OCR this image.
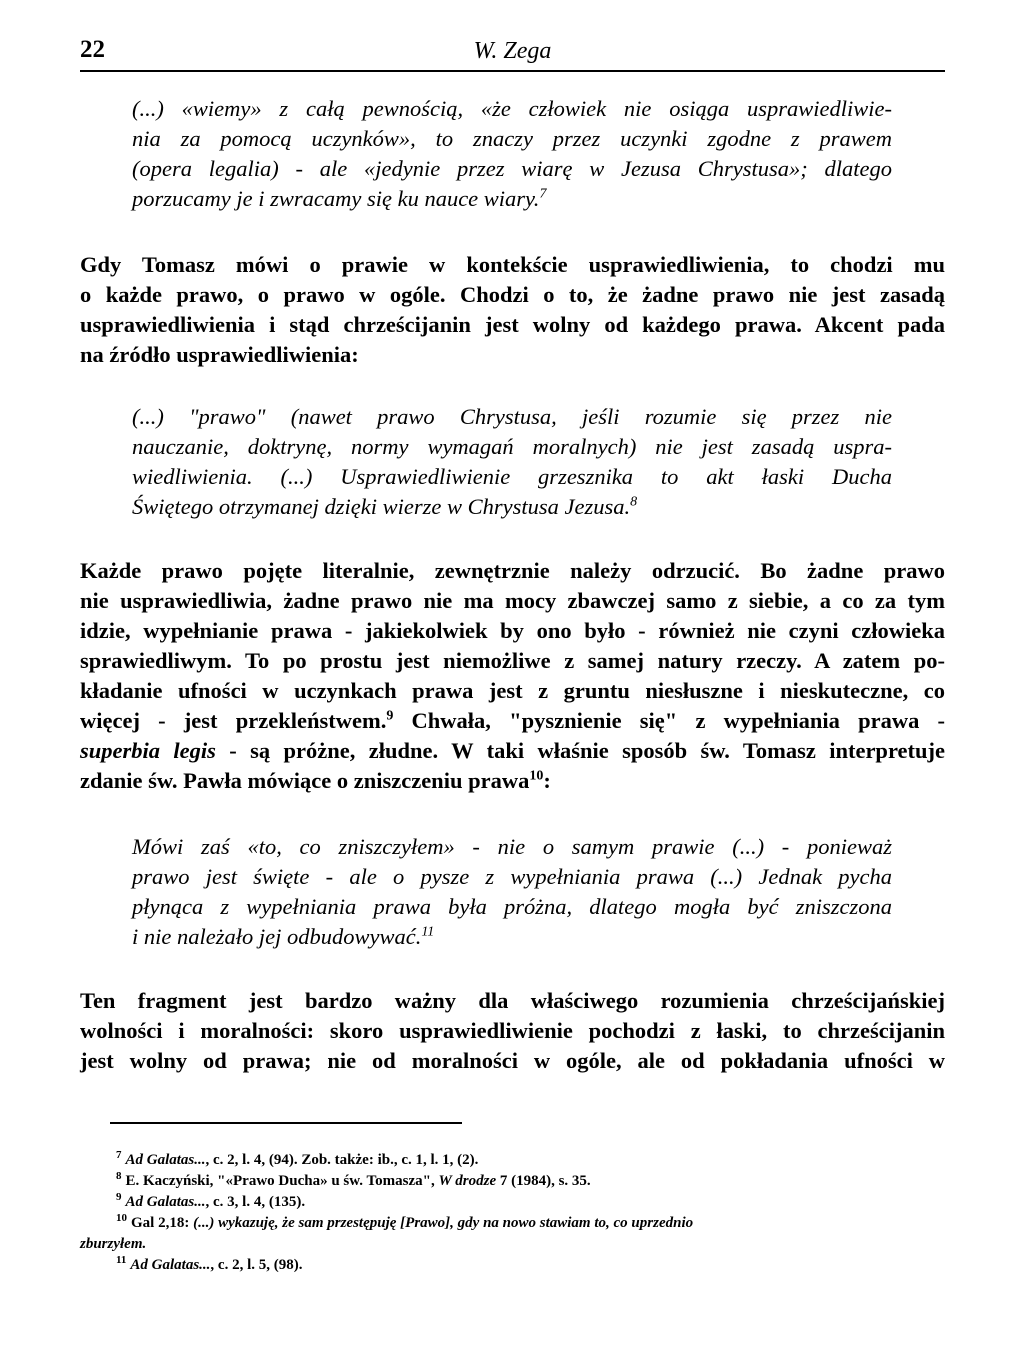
22	W. Zega
(...) «wiemy» z całą pewnością, «że człowiek nie osiąga usprawiedliwie-
nia za pomocą uczynków», to znaczy przez uczynki zgodne z prawem
(opera legalia) - ale «jedynie przez wiarę w Jezusa Chrystusa»; dlatego
porzucamy je i zwracamy się ku nauce wiary.$^7$
Gdy Tomasz mówi o prawie w kontekście usprawiedliwienia, to chodzi mu
o każde prawo, o prawo w ogóle. Chodzi o to, że żadne prawo nie jest zasadą
usprawiedliwienia i stąd chrześcijanin jest wolny od każdego prawa. Akcent pada
na źródło usprawiedliwienia:
(...) "prawo" (nawet prawo Chrystusa, jeśli rozumie się przez nie
nauczanie, doktrynę, normy wymagań moralnych) nie jest zasadą uspra-
wiedliwienia. (...) Usprawiedliwienie grzesznika to akt łaski Ducha
Świętego otrzymanej dzięki wierze w Chrystusa Jezusa.$^8$
Każde prawo pojęte literalnie, zewnętrznie należy odrzucić. Bo żadne prawo
nie usprawiedliwia, żadne prawo nie ma mocy zbawczej samo z siebie, a co za tym
idzie, wypełnianie prawa - jakiekolwiek by ono było - również nie czyni człowieka
sprawiedliwym. To po prostu jest niemożliwe z samej natury rzeczy. A zatem po-
kładanie ufności w uczynkach prawa jest z gruntu niesłuszne i nieskuteczne, co
więcej - jest przekleństwem.$^9$ Chwała, "pysznienie się" z wypełniania prawa -
superbia legis - są próżne, złudne. W taki właśnie sposób św. Tomasz interpretuje
zdanie św. Pawła mówiące o zniszczeniu prawa$^{10}$:
Mówi zaś «to, co zniszczyłem» - nie o samym prawie (...) - ponieważ
prawo jest święte - ale o pysze z wypełniania prawa (...) Jednak pycha
płynąca z wypełniania prawa była próżna, dlatego mogła być zniszczona
i nie należało jej odbudowywać.$^{11}$
Ten fragment jest bardzo ważny dla właściwego rozumienia chrześcijańskiej
wolności i moralności: skoro usprawiedliwienie pochodzi z łaski, to chrześcijanin
jest wolny od prawa; nie od moralności w ogóle, ale od pokładania ufności w
$^7$ Ad Galatas..., c. 2, l. 4, (94). Zob. także: ib., c. 1, l. 1, (2).
$^8$ E. Kaczyński, "«Prawo Ducha» u św. Tomasza", W drodze 7 (1984), s. 35.
$^9$ Ad Galatas..., c. 3, l. 4, (135).
$^{10}$ Gal 2,18: (...) wykazuję, że sam przestępuję [Prawo], gdy na nowo stawiam to, co uprzednio
zburzyłem.
$^{11}$ Ad Galatas..., c. 2, l. 5, (98).
